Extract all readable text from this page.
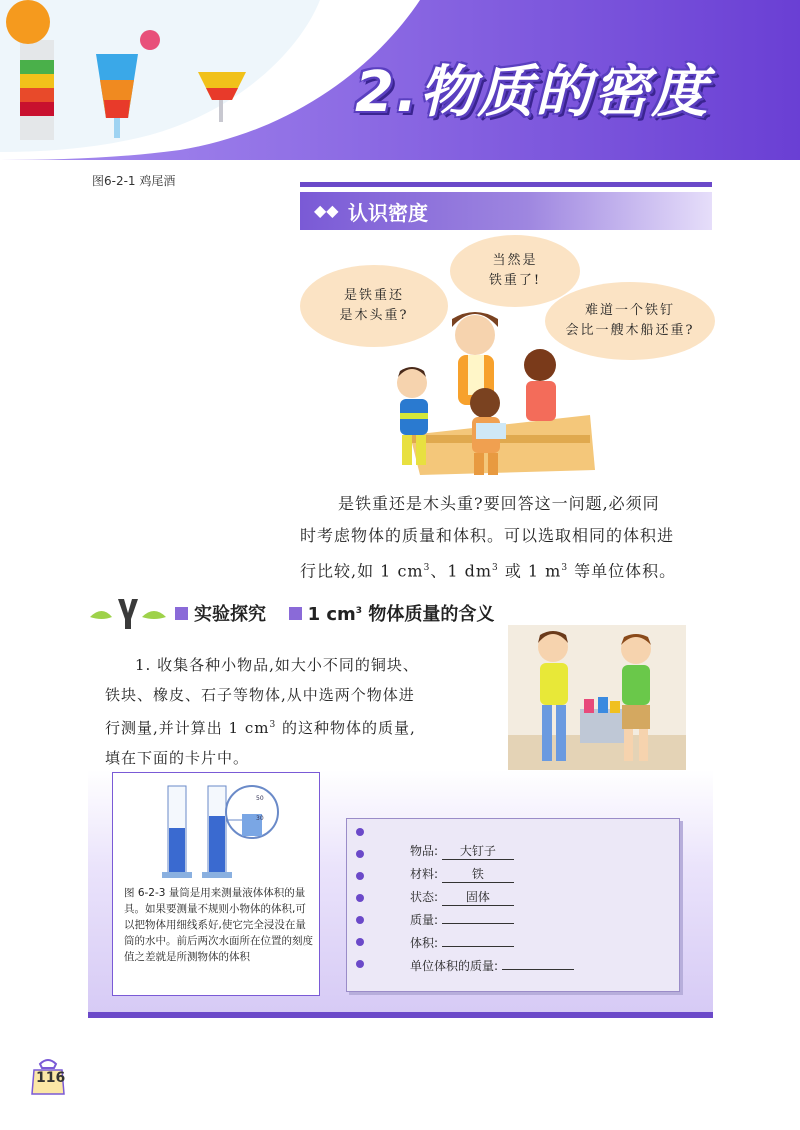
2.物质的密度
图6-2-1 鸡尾酒
◆◆ 认识密度
是铁重还
是木头重?
当然是
铁重了!
难道一个铁钉
会比一艘木船还重?
是铁重还是木头重?要回答这一问题,必须同
时考虑物体的质量和体积。可以选取相同的体积进
行比较,如 1 $cm^3$、1 $dm^3$ 或 1 $m^3$ 等单位体积。
实验探究 1 $cm^3$ 物体质量的含义
1. 收集各种小物品,如大小不同的铜块、
铁块、橡皮、石子等物体,从中选两个物体进
行测量,并计算出 1 $cm^3$ 的这种物体的质量,
填在下面的卡片中。
50
30
图 6-2-3 量筒是用来测量液体体积的量具。如果要测量不规则小物体的体积,可以把物体用细线系好,使它完全浸没在量筒的水中。前后两次水面所在位置的刻度值之差就是所测物体的体积
物品: 大钉子
材料:	铁
状态: 固体
质量:
体积:
单位体积的质量:
116
